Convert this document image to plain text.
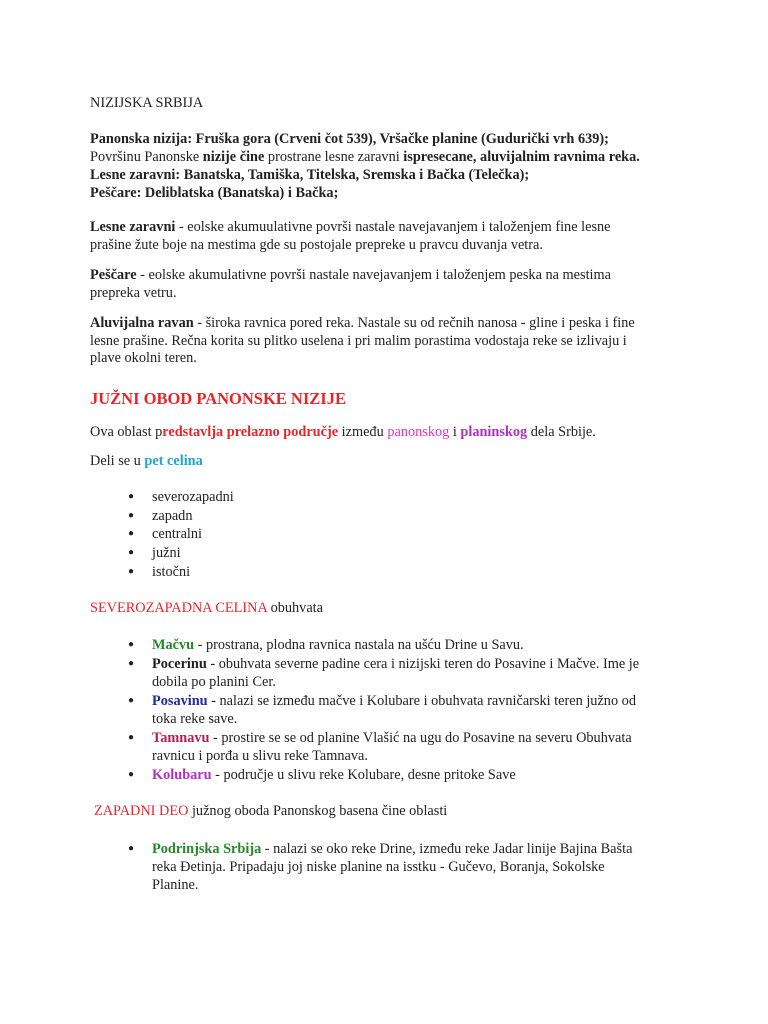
NIZIJSKA SRBIJA
Panonska nizija: Fruška gora (Crveni čot 539), Vršačke planine (Gudurički vrh 639);
Površinu Panonske nizije čine prostrane lesne zaravni ispresecane, aluvijalnim ravnima reka.
Lesne zaravni: Banatska, Tamiška, Titelska, Sremska i Bačka (Telečka);
Peščare: Deliblatska (Banatska) i Bačka;
Lesne zaravni - eolske akumuulativne površi nastale navejavanjem i taloženjem fine lesne
prašine žute boje na mestima gde su postojale prepreke u pravcu duvanja vetra.
Peščare - eolske akumulativne površi nastale navejavanjem i taloženjem peska na mestima
prepreka vetru.
Aluvijalna ravan - široka ravnica pored reka. Nastale su od rečnih nanosa - gline i peska i fine
lesne prašine. Rečna korita su plitko uselena i pri malim porastima vodostaja reke se izlivaju i
plave okolni teren.
JUŽNI OBOD PANONSKE NIZIJE
Ova oblast predstavlja prelazno područje između panonskog i planinskog dela Srbije.
Deli se u pet celina
● severozapadni
● zapadn
● centralni
● južni
● istočni
SEVEROZAPADNA CELINA obuhvata
● Mačvu - prostrana, plodna ravnica nastala na ušću Drine u Savu.
● Pocerinu - obuhvata severne padine cera i nizijski teren do Posavine i Mačve. Ime je
dobila po planini Cer.
● Posavinu - nalazi se između mačve i Kolubare i obuhvata ravničarski teren južno od
toka reke save.
● Tamnavu - prostire se se od planine Vlašić na ugu do Posavine na severu Obuhvata
ravnicu i porđa u slivu reke Tamnava.
● Kolubaru - područje u slivu reke Kolubare, desne pritoke Save
ZAPADNI DEO južnog oboda Panonskog basena čine oblasti
● Podrinjska Srbija - nalazi se oko reke Drine, između reke Jadar linije Bajina Bašta
reka Đetinja. Pripadaju joj niske planine na isstku - Gučevo, Boranja, Sokolske
Planine.
